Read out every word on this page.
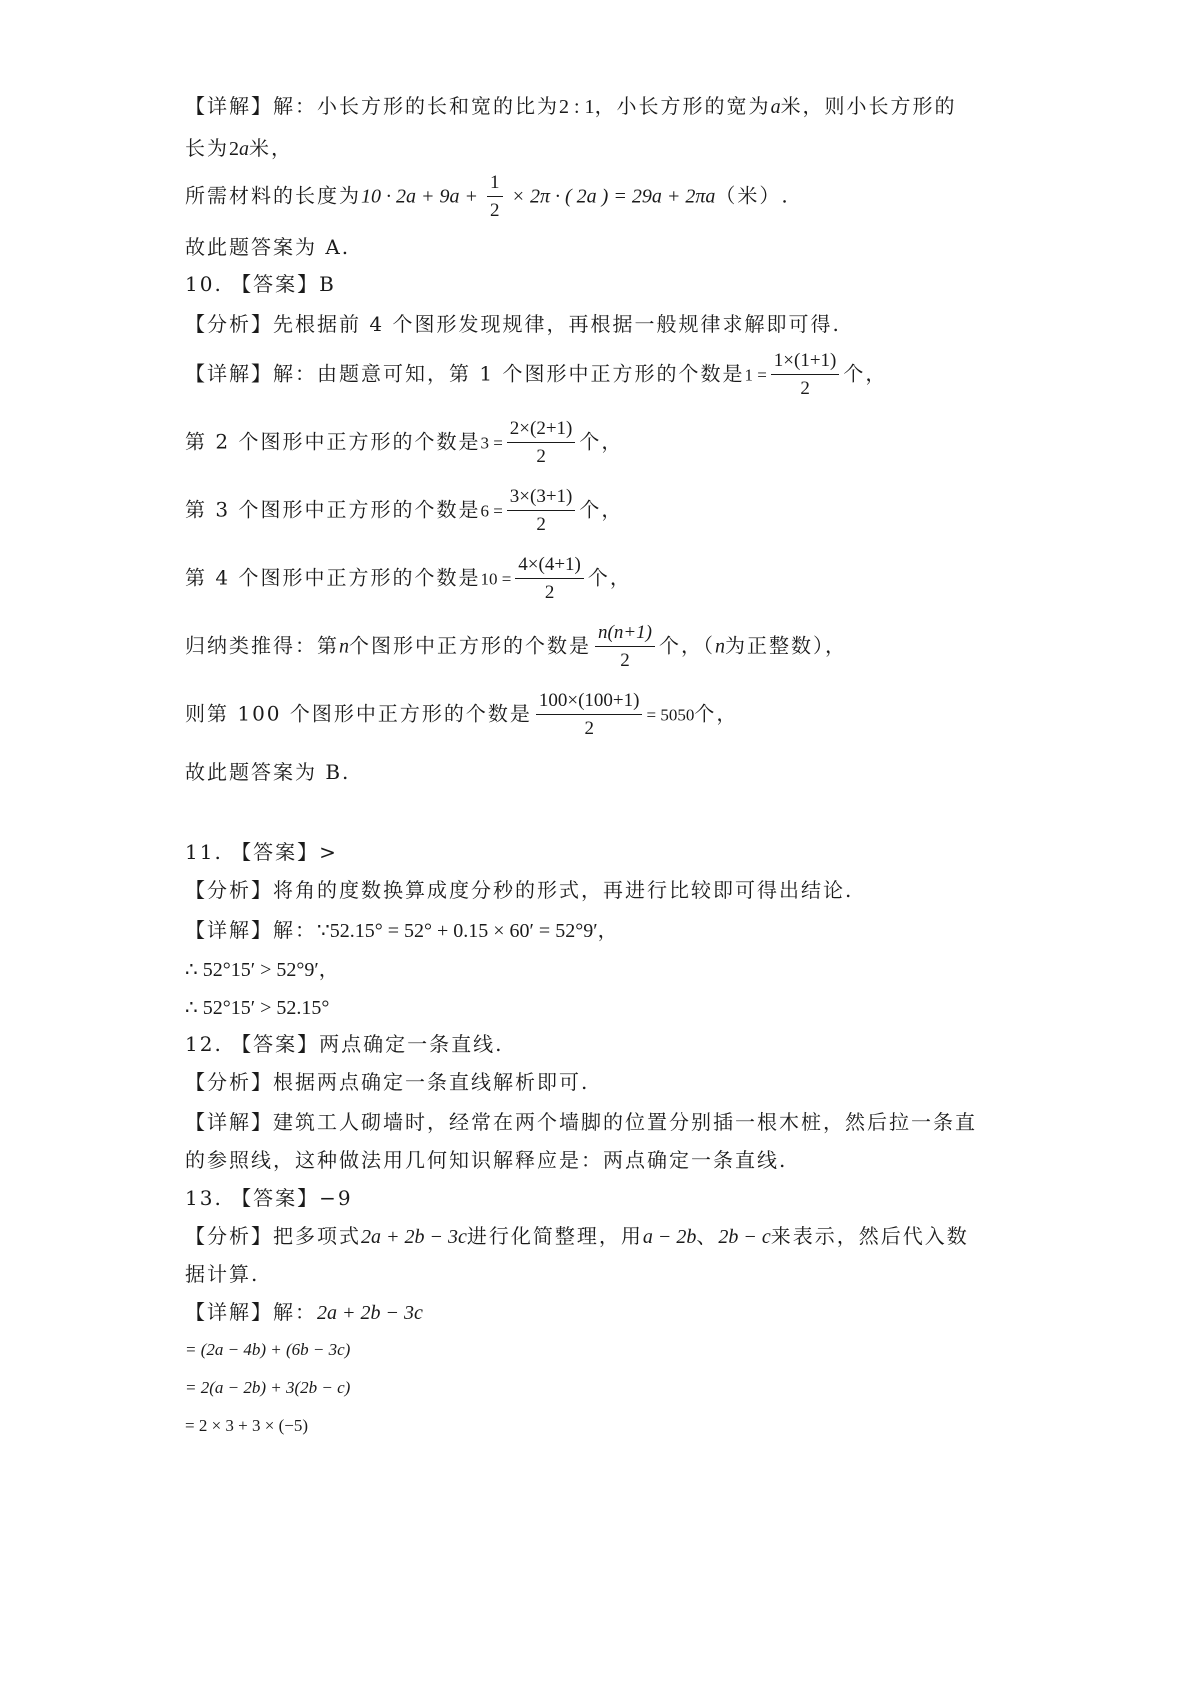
【详解】解：小长方形的长和宽的比为2 : 1，小长方形的宽为a米，则小长方形的
长为2a米，
所需材料的长度为$10 \cdot 2a + 9a + \frac{1}{2} \times 2\pi$ · ( 2a ) = 29a + 2πa（米）.
故此题答案为 A.
10. 【答案】B
【分析】先根据前 4 个图形发现规律，再根据一般规律求解即可得.
【详解】解：由题意可知，第 1 个图形中正方形的个数是$1 = \frac{1\times(1+1)}{2}$ 个，
第 2 个图形中正方形的个数是$3 = \frac{2\times(2+1)}{2}$ 个，
第 3 个图形中正方形的个数是$6 = \frac{3\times(3+1)}{2}$ 个，
第 4 个图形中正方形的个数是$10 = \frac{4\times(4+1)}{2}$ 个，
归纳类推得：第n个图形中正方形的个数是 $\frac{n(n+1)}{2}$ 个，（n为正整数），
则第 100 个图形中正方形的个数是 $\frac{100\times(100+1)}{2} = 5050$个，
故此题答案为 B.
11. 【答案】>
【分析】将角的度数换算成度分秒的形式，再进行比较即可得出结论.
【详解】解：∵52.15° = 52° + 0.15 × 60′ = 52°9′，
∴ 52°15′ > 52°9′，
∴ 52°15′ > 52.15°
12. 【答案】两点确定一条直线.
【分析】根据两点确定一条直线解析即可.
【详解】建筑工人砌墙时，经常在两个墙脚的位置分别插一根木桩，然后拉一条直
的参照线，这种做法用几何知识解释应是：两点确定一条直线.
13. 【答案】−9
【分析】把多项式2a + 2b − 3c进行化简整理，用a − 2b、2b − c来表示，然后代入数
据计算.
【详解】解：2a + 2b − 3c
= (2a − 4b) + (6b − 3c)
= 2(a − 2b) + 3(2b − c)
= 2 × 3 + 3 × (−5)
